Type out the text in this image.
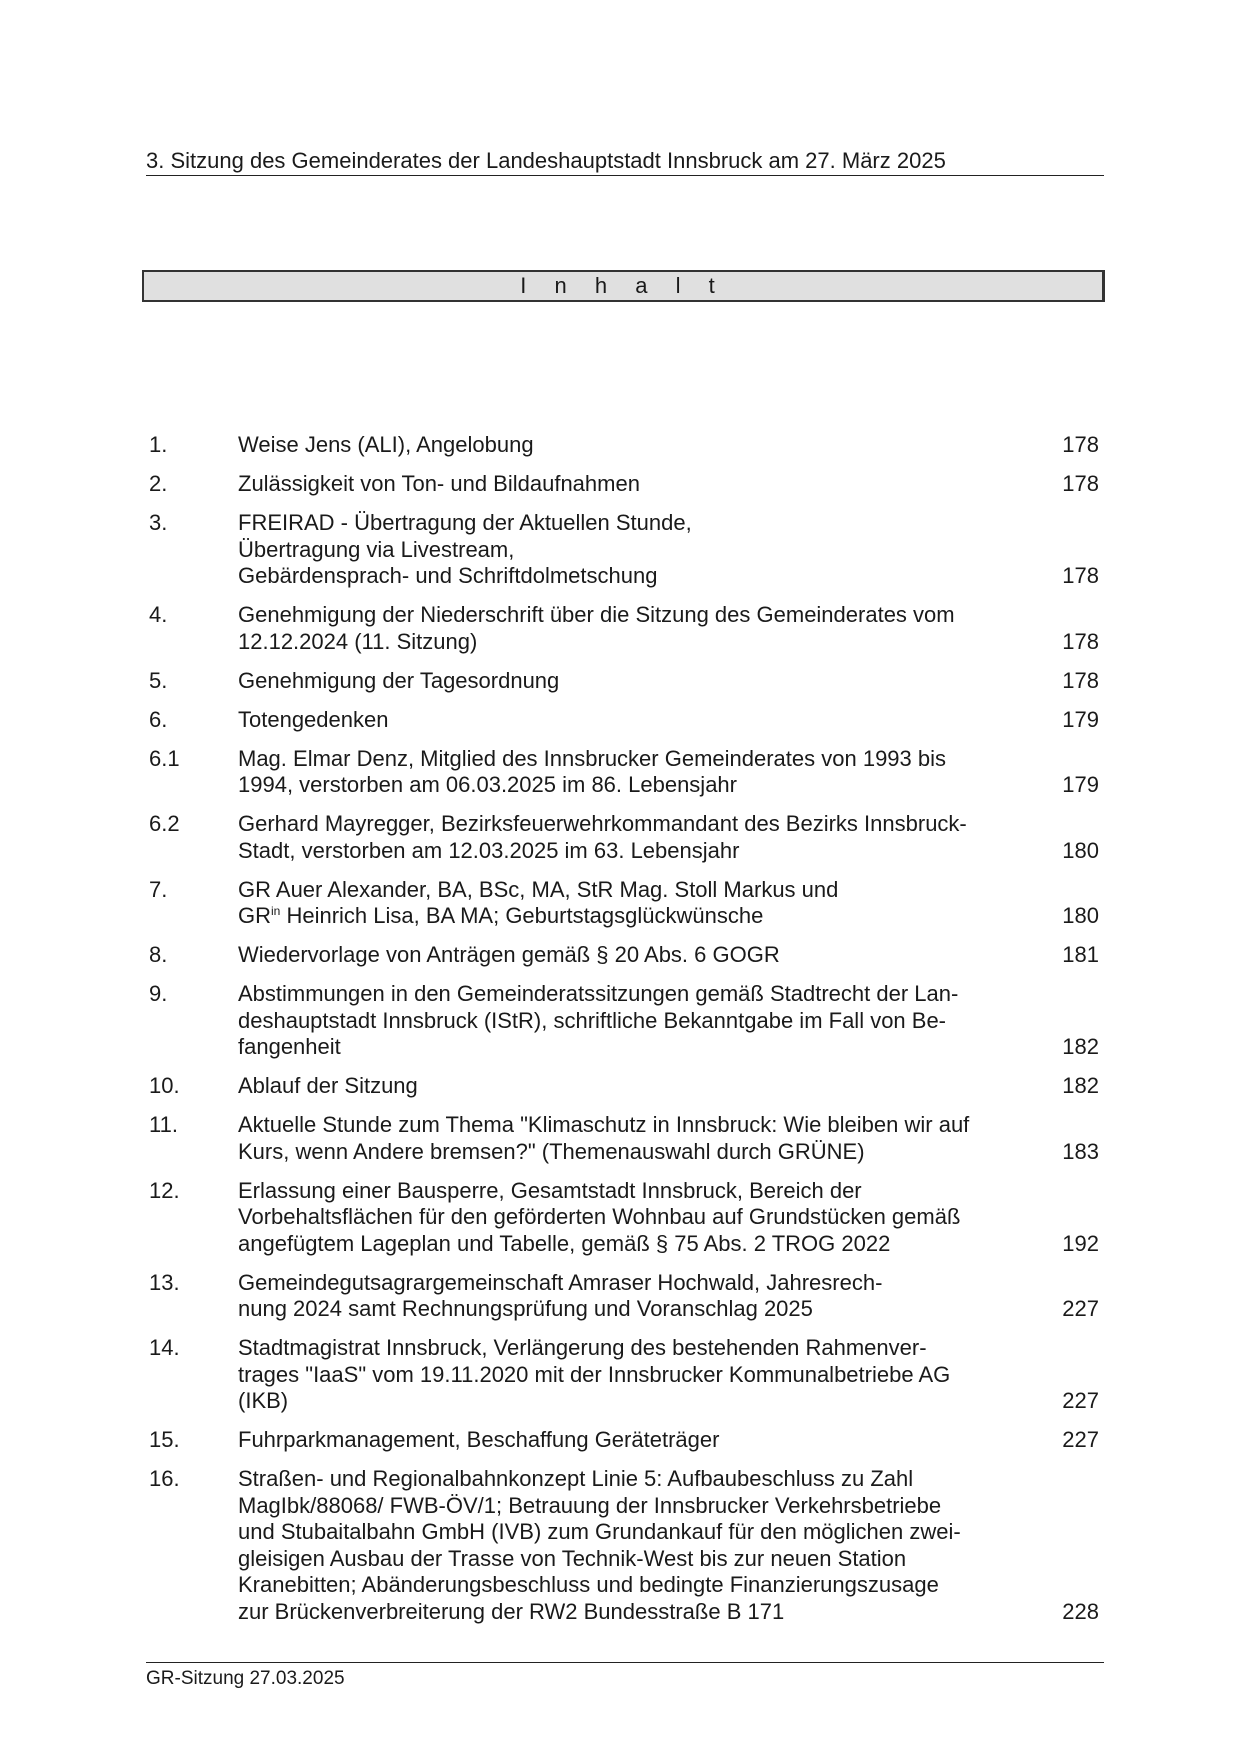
3. Sitzung des Gemeinderates der Landeshauptstadt Innsbruck am 27. März 2025
I n h a l t
1.	Weise Jens (ALI), Angelobung	178
2.	Zulässigkeit von Ton- und Bildaufnahmen	178
3.	FREIRAD - Übertragung der Aktuellen Stunde,
Übertragung via Livestream,
Gebärdensprach- und Schriftdolmetschung	178
4.	Genehmigung der Niederschrift über die Sitzung des Gemeinderates vom
12.12.2024 (11. Sitzung)	178
5.	Genehmigung der Tagesordnung	178
6.	Totengedenken	179
6.1	Mag. Elmar Denz, Mitglied des Innsbrucker Gemeinderates von 1993 bis
1994, verstorben am 06.03.2025 im 86. Lebensjahr	179
6.2	Gerhard Mayregger, Bezirksfeuerwehrkommandant des Bezirks Innsbruck-
Stadt, verstorben am 12.03.2025 im 63. Lebensjahr	180
7.	GR Auer Alexander, BA, BSc, MA, StR Mag. Stoll Markus und
$GR^{in}$ Heinrich Lisa, BA MA; Geburtstagsglückwünsche	180
8.	Wiedervorlage von Anträgen gemäß § 20 Abs. 6 GOGR	181
9.	Abstimmungen in den Gemeinderatssitzungen gemäß Stadtrecht der Lan-
deshauptstadt Innsbruck (IStR), schriftliche Bekanntgabe im Fall von Be-
fangenheit	182
10.	Ablauf der Sitzung	182
11.	Aktuelle Stunde zum Thema "Klimaschutz in Innsbruck: Wie bleiben wir auf
Kurs, wenn Andere bremsen?" (Themenauswahl durch GRÜNE)	183
12.	Erlassung einer Bausperre, Gesamtstadt Innsbruck, Bereich der
Vorbehaltsflächen für den geförderten Wohnbau auf Grundstücken gemäß
angefügtem Lageplan und Tabelle, gemäß § 75 Abs. 2 TROG 2022	192
13.	Gemeindegutsagrargemeinschaft Amraser Hochwald, Jahresrech-
nung 2024 samt Rechnungsprüfung und Voranschlag 2025	227
14.	Stadtmagistrat Innsbruck, Verlängerung des bestehenden Rahmenver-
trages "IaaS" vom 19.11.2020 mit der Innsbrucker Kommunalbetriebe AG
(IKB)	227
15.	Fuhrparkmanagement, Beschaffung Geräteträger	227
16.	Straßen- und Regionalbahnkonzept Linie 5: Aufbaubeschluss zu Zahl
MagIbk/88068/ FWB-ÖV/1; Betrauung der Innsbrucker Verkehrsbetriebe
und Stubaitalbahn GmbH (IVB) zum Grundankauf für den möglichen zwei-
gleisigen Ausbau der Trasse von Technik-West bis zur neuen Station
Kranebitten; Abänderungsbeschluss und bedingte Finanzierungszusage
zur Brückenverbreiterung der RW2 Bundesstraße B 171	228
GR-Sitzung 27.03.2025
